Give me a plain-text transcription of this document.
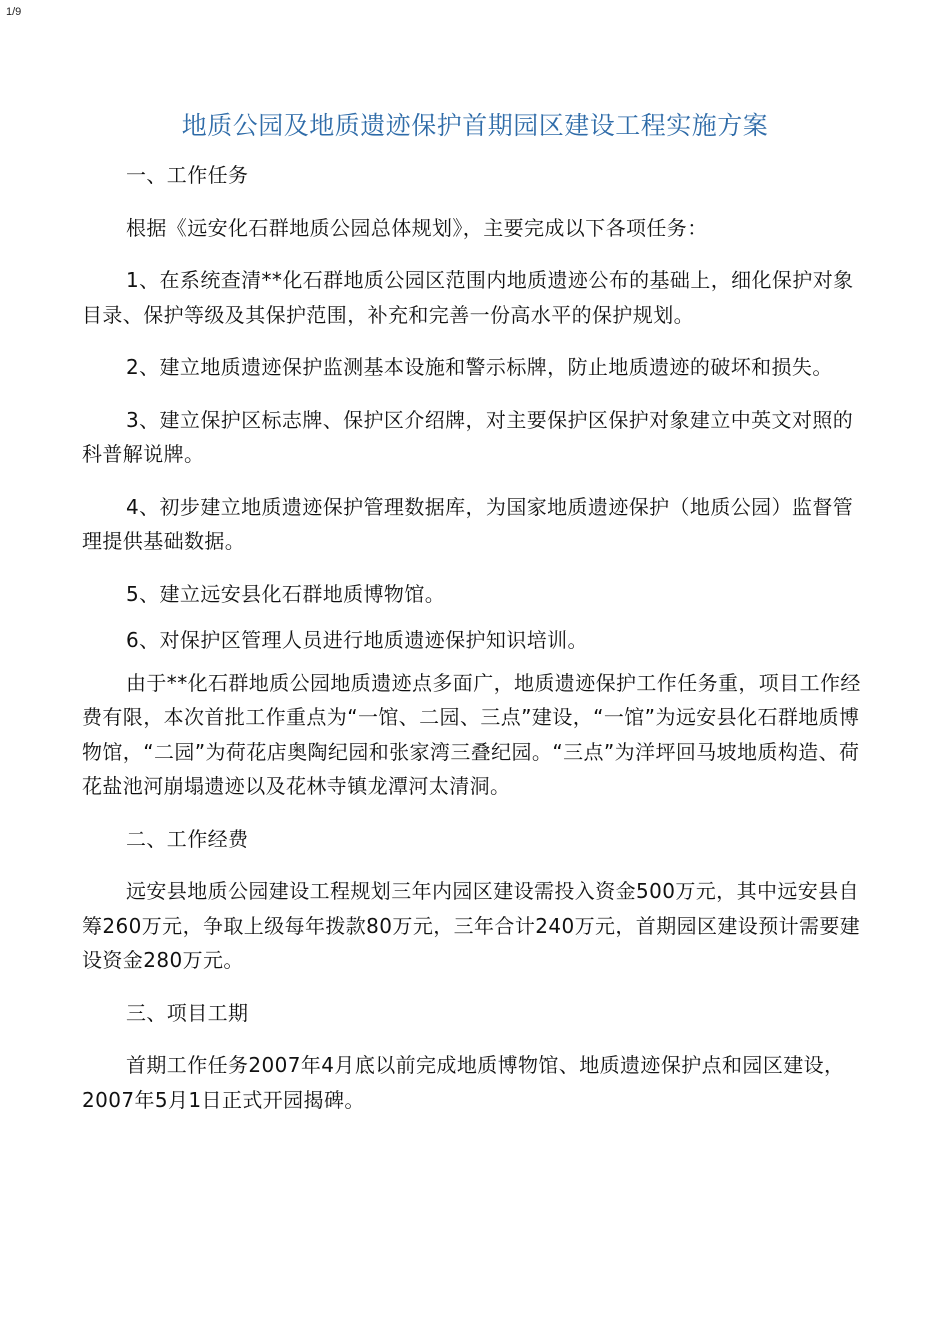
1/9
地质公园及地质遗迹保护首期园区建设工程实施方案

一、工作任务

根据《远安化石群地质公园总体规划》，主要完成以下各项任务：

1、在系统查清**化石群地质公园区范围内地质遗迹公布的基础上，细化保护对象目录、保护等级及其保护范围，补充和完善一份高水平的保护规划。

2、建立地质遗迹保护监测基本设施和警示标牌，防止地质遗迹的破坏和损失。

3、建立保护区标志牌、保护区介绍牌，对主要保护区保护对象建立中英文对照的科普解说牌。

4、初步建立地质遗迹保护管理数据库，为国家地质遗迹保护（地质公园）监督管理提供基础数据。

5、建立远安县化石群地质博物馆。

6、对保护区管理人员进行地质遗迹保护知识培训。

由于**化石群地质公园地质遗迹点多面广，地质遗迹保护工作任务重，项目工作经费有限，本次首批工作重点为“一馆、二园、三点”建设，“一馆”为远安县化石群地质博物馆，“二园”为荷花店奥陶纪园和张家湾三叠纪园。“三点”为洋坪回马坡地质构造、荷花盐池河崩塌遗迹以及花林寺镇龙潭河太清洞。

二、工作经费

远安县地质公园建设工程规划三年内园区建设需投入资金500万元，其中远安县自筹260万元，争取上级每年拨款80万元，三年合计240万元，首期园区建设预计需要建设资金280万元。

三、项目工期

首期工作任务2007年4月底以前完成地质博物馆、地质遗迹保护点和园区建设，2007年5月1日正式开园揭碑。
